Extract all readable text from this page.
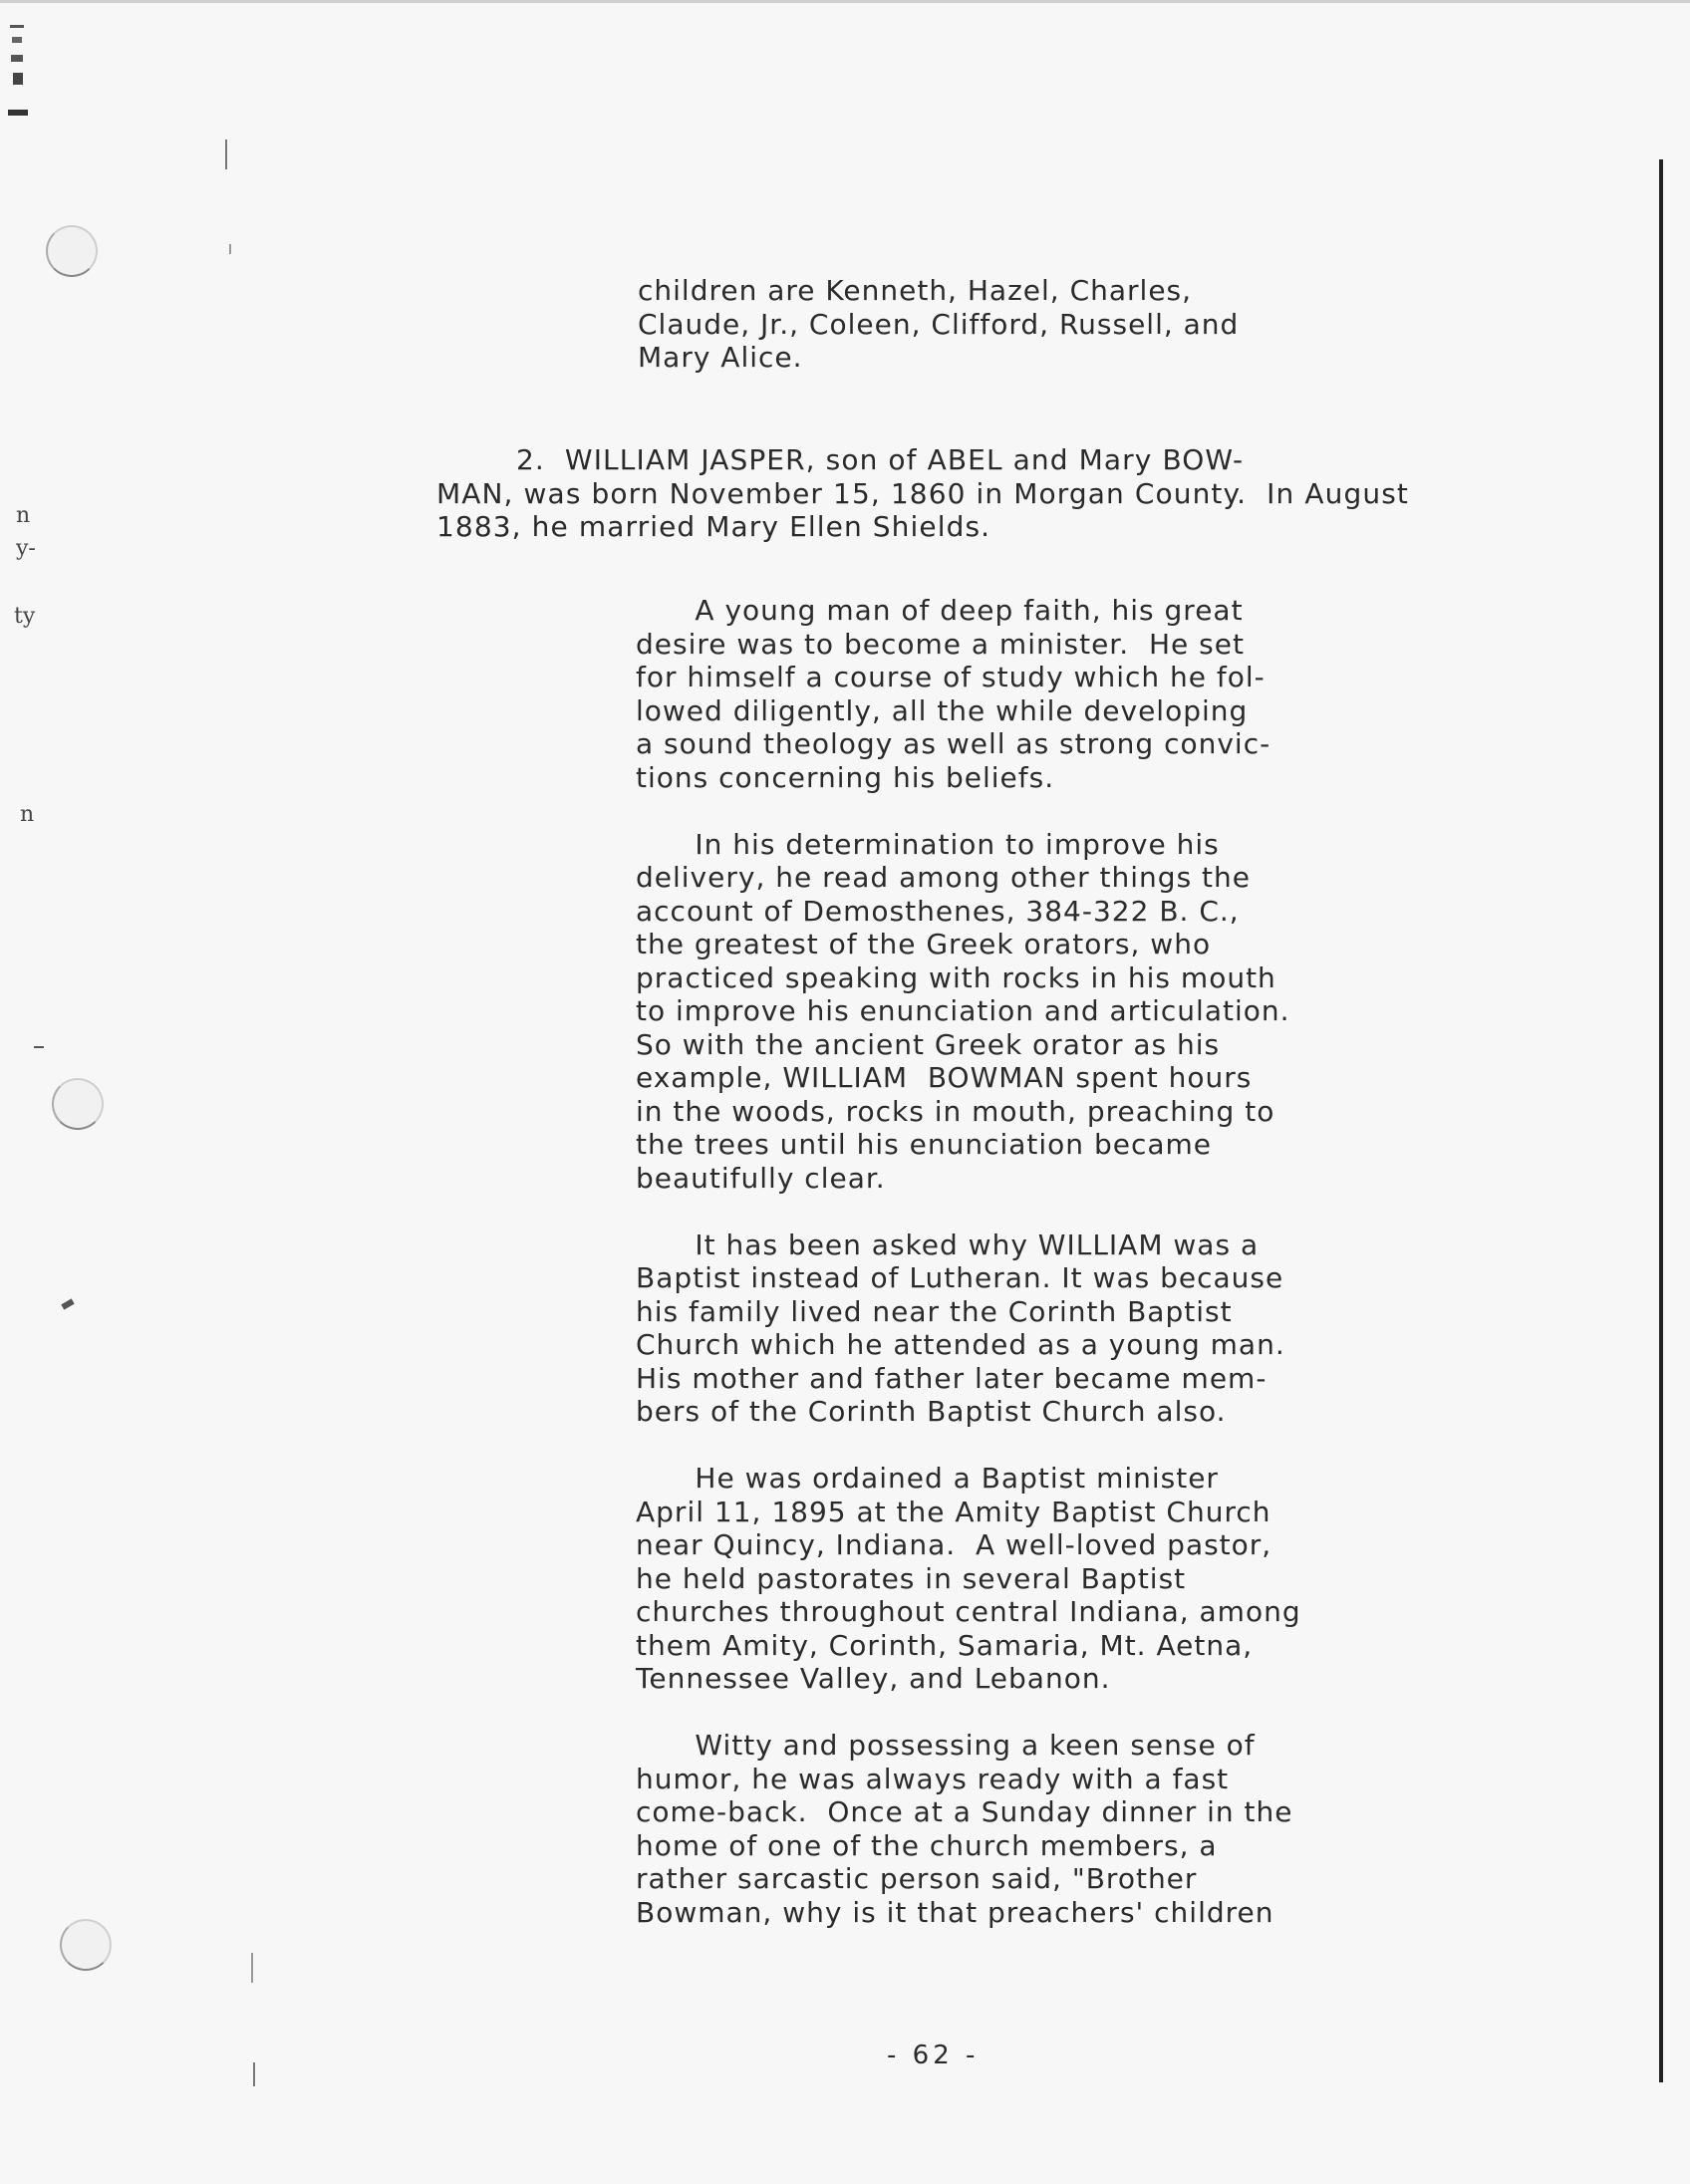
n
y-
ty
n

children are Kenneth, Hazel, Charles,

Claude, Jr., Coleen, Clifford, Russell, and

Mary Alice.

2.  WILLIAM JASPER, son of ABEL and Mary BOW-
MAN, was born November 15, 1860 in Morgan County.  In August
1883, he married Mary Ellen Shields.

A young man of deep faith, his great

desire was to become a minister.  He set

for himself a course of study which he fol-

lowed diligently, all the while developing

a sound theology as well as strong convic-

tions concerning his beliefs.

In his determination to improve his

delivery, he read among other things the

account of Demosthenes, 384-322 B. C.,

the greatest of the Greek orators, who

practiced speaking with rocks in his mouth

to improve his enunciation and articulation.

So with the ancient Greek orator as his

example, WILLIAM  BOWMAN spent hours

in the woods, rocks in mouth, preaching to

the trees until his enunciation became

beautifully clear.

It has been asked why WILLIAM was a

Baptist instead of Lutheran. It was because

his family lived near the Corinth Baptist

Church which he attended as a young man.

His mother and father later became mem-

bers of the Corinth Baptist Church also.

He was ordained a Baptist minister

April 11, 1895 at the Amity Baptist Church

near Quincy, Indiana.  A well-loved pastor,

he held pastorates in several Baptist

churches throughout central Indiana, among

them Amity, Corinth, Samaria, Mt. Aetna,

Tennessee Valley, and Lebanon.

Witty and possessing a keen sense of

humor, he was always ready with a fast

come-back.  Once at a Sunday dinner in the

home of one of the church members, a

rather sarcastic person said, "Brother

Bowman, why is it that preachers' children

- 62 -
